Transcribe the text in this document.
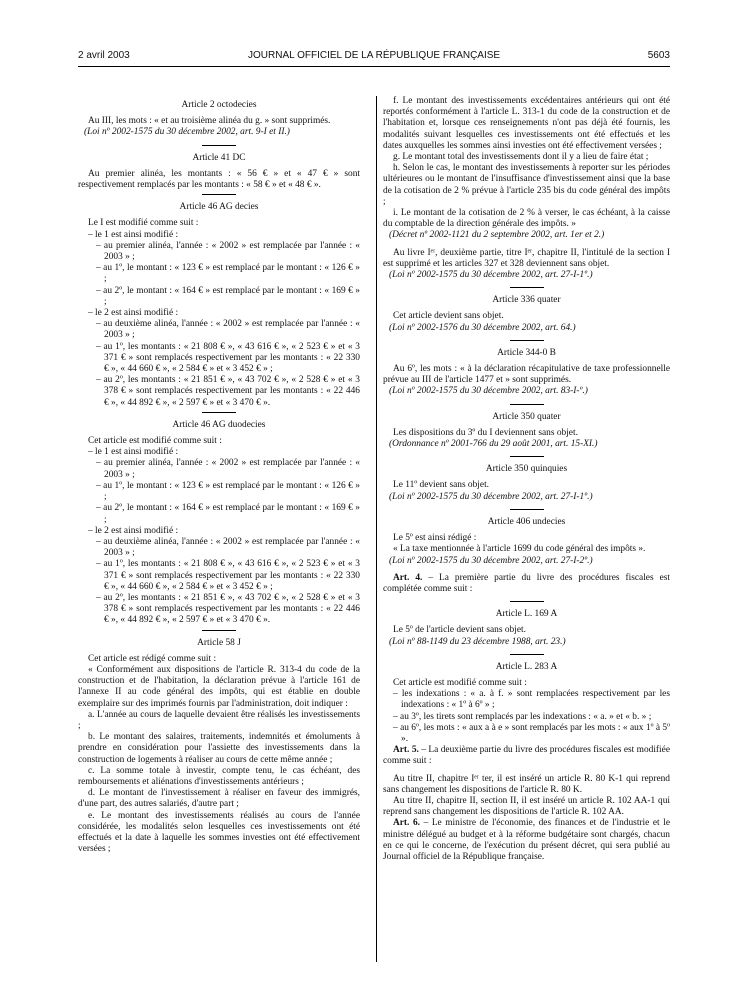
2 avril 2003	JOURNAL OFFICIEL DE LA RÉPUBLIQUE FRANÇAISE	5603
Article 2 octodecies

Au III, les mots : « et au troisième alinéa du g. » sont supprimés.

(Loi nº 2002-1575 du 30 décembre 2002, art. 9-I et II.)

Article 41 DC

Au premier alinéa, les montants : « 56 € » et « 47 € » sont respectivement remplacés par les montants : « 58 € » et « 48 € ».

Article 46 AG decies

Le I est modifié comme suit :

– le 1 est ainsi modifié :

– au premier alinéa, l'année : « 2002 » est remplacée par l'année : « 2003 » ;

– au 1º, le montant : « 123 € » est remplacé par le montant : « 126 € » ;

– au 2º, le montant : « 164 € » est remplacé par le montant : « 169 € » ;

– le 2 est ainsi modifié :

– au deuxième alinéa, l'année : « 2002 » est remplacée par l'année : « 2003 » ;

– au 1º, les montants : « 21 808 € », « 43 616 € », « 2 523 € » et « 3 371 € » sont remplacés respectivement par les montants : « 22 330 € », « 44 660 € », « 2 584 € » et « 3 452 € » ;

– au 2º, les montants : « 21 851 € », « 43 702 € », « 2 528 € » et « 3 378 € » sont remplacés respectivement par les montants : « 22 446 € », « 44 892 € », « 2 597 € » et « 3 470 € ».

Article 46 AG duodecies

Cet article est modifié comme suit :

– le 1 est ainsi modifié :

– au premier alinéa, l'année : « 2002 » est remplacée par l'année : « 2003 » ;

– au 1º, le montant : « 123 € » est remplacé par le montant : « 126 € » ;

– au 2º, le montant : « 164 € » est remplacé par le montant : « 169 € » ;

– le 2 est ainsi modifié :

– au deuxième alinéa, l'année : « 2002 » est remplacée par l'année : « 2003 » ;

– au 1º, les montants : « 21 808 € », « 43 616 € », « 2 523 € » et « 3 371 € » sont remplacés respectivement par les montants : « 22 330 € », « 44 660 € », « 2 584 € » et « 3 452 € » ;

– au 2º, les montants : « 21 851 € », « 43 702 € », « 2 528 € » et « 3 378 € » sont remplacés respectivement par les montants : « 22 446 € », « 44 892 € », « 2 597 € » et « 3 470 € ».

Article 58 J

Cet article est rédigé comme suit :

« Conformément aux dispositions de l'article R. 313-4 du code de la construction et de l'habitation, la déclaration prévue à l'article 161 de l'annexe II au code général des impôts, qui est établie en double exemplaire sur des imprimés fournis par l'administration, doit indiquer :

a. L'année au cours de laquelle devaient être réalisés les investissements ;

b. Le montant des salaires, traitements, indemnités et émoluments à prendre en considération pour l'assiette des investissements dans la construction de logements à réaliser au cours de cette même année ;

c. La somme totale à investir, compte tenu, le cas échéant, des remboursements et aliénations d'investissements antérieurs ;

d. Le montant de l'investissement à réaliser en faveur des immigrés, d'une part, des autres salariés, d'autre part ;

e. Le montant des investissements réalisés au cours de l'année considérée, les modalités selon lesquelles ces investissements ont été effectués et la date à laquelle les sommes investies ont été effectivement versées ;

f. Le montant des investissements excédentaires antérieurs qui ont été reportés conformément à l'article L. 313-1 du code de la construction et de l'habitation et, lorsque ces renseignements n'ont pas déjà été fournis, les modalités suivant lesquelles ces investissements ont été effectués et les dates auxquelles les sommes ainsi investies ont été effectivement versées ;

g. Le montant total des investissements dont il y a lieu de faire état ;

h. Selon le cas, le montant des investissements à reporter sur les périodes ultérieures ou le montant de l'insuffisance d'investissement ainsi que la base de la cotisation de 2 % prévue à l'article 235 bis du code général des impôts ;

i. Le montant de la cotisation de 2 % à verser, le cas échéant, à la caisse du comptable de la direction générale des impôts. »

(Décret nº 2002-1121 du 2 septembre 2002, art. 1er et 2.)

Au livre Iᵉʳ, deuxième partie, titre Iᵉʳ, chapitre II, l'intitulé de la section I est supprimé et les articles 327 et 328 deviennent sans objet.

(Loi nº 2002-1575 du 30 décembre 2002, art. 27-I-1º.)

Article 336 quater

Cet article devient sans objet.

(Loi nº 2002-1576 du 30 décembre 2002, art. 64.)

Article 344-0 B

Au 6º, les mots : « à la déclaration récapitulative de taxe professionnelle prévue au III de l'article 1477 et » sont supprimés.

(Loi nº 2002-1575 du 30 décembre 2002, art. 83-I-º.)

Article 350 quater

Les dispositions du 3º du I deviennent sans objet.

(Ordonnance nº 2001-766 du 29 août 2001, art. 15-XI.)

Article 350 quinquies

Le 11º devient sans objet.

(Loi nº 2002-1575 du 30 décembre 2002, art. 27-I-1º.)

Article 406 undecies

Le 5º est ainsi rédigé :

« La taxe mentionnée à l'article 1699 du code général des impôts ».

(Loi nº 2002-1575 du 30 décembre 2002, art. 27-I-2º.)

Art. 4. – La première partie du livre des procédures fiscales est complétée comme suit :

Article L. 169 A

Le 5º de l'article devient sans objet.

(Loi nº 88-1149 du 23 décembre 1988, art. 23.)

Article L. 283 A

Cet article est modifié comme suit :

– les indexations : « a. à f. » sont remplacées respectivement par les indexations : « 1º à 6º » ;

– au 3º, les tirets sont remplacés par les indexations : « a. » et « b. » ;

– au 6º, les mots : « aux a à e » sont remplacés par les mots : « aux 1º à 5º ».

Art. 5. – La deuxième partie du livre des procédures fiscales est modifiée comme suit :

Au titre II, chapitre Iᵉʳ ter, il est inséré un article R. 80 K-1 qui reprend sans changement les dispositions de l'article R. 80 K.

Au titre II, chapitre II, section II, il est inséré un article R. 102 AA-1 qui reprend sans changement les dispositions de l'article R. 102 AA.

Art. 6. – Le ministre de l'économie, des finances et de l'industrie et le ministre délégué au budget et à la réforme budgétaire sont chargés, chacun en ce qui le concerne, de l'exécution du présent décret, qui sera publié au Journal officiel de la République française.
